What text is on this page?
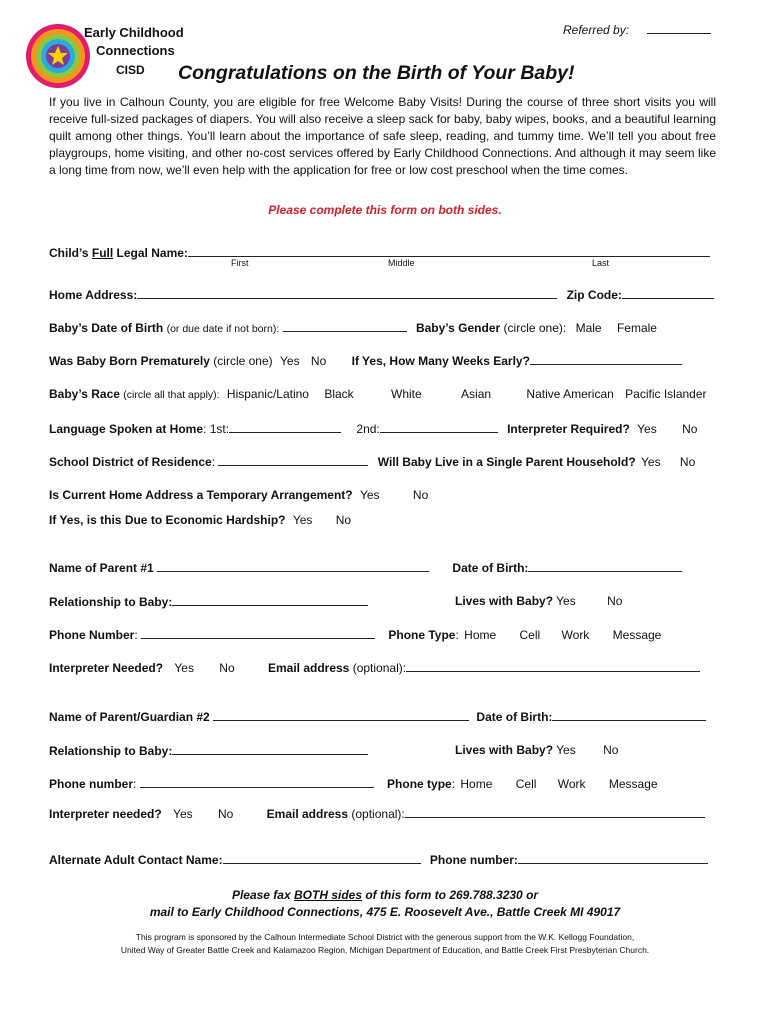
Early Childhood
Connections
CISD
Referred by:
Congratulations on the Birth of Your Baby!
If you live in Calhoun County, you are eligible for free Welcome Baby Visits! During the course of three short visits you will receive full-sized packages of diapers. You will also receive a sleep sack for baby, baby wipes, books, and a beautiful learning quilt among other things. You’ll learn about the importance of safe sleep, reading, and tummy time. We’ll tell you about free playgroups, home visiting, and other no-cost services offered by Early Childhood Connections. And although it may seem like a long time from now, we’ll even help with the application for free or low cost preschool when the time comes.
Please complete this form on both sides.
Child’s Full Legal Name:
First	Middle	Last
Home Address:	Zip Code:
Baby’s Date of Birth (or due date if not born):	Baby’s Gender (circle one): Male Female
Was Baby Born Prematurely (circle one) Yes No If Yes, How Many Weeks Early?
Baby’s Race (circle all that apply): Hispanic/Latino Black	White	Asian	Native American Pacific Islander
Language Spoken at Home: 1st:	2nd:	Interpreter Required? Yes No
School District of Residence:	Will Baby Live in a Single Parent Household? Yes No
Is Current Home Address a Temporary Arrangement? Yes	No
If Yes, is this Due to Economic Hardship? Yes No
Name of Parent #1	Date of Birth:
Relationship to Baby:	Lives with Baby? Yes	No
Phone Number:	Phone Type: Home Cell Work Message
Interpreter Needed? Yes No	Email address (optional):
Name of Parent/Guardian #2	Date of Birth:
Relationship to Baby:	Lives with Baby? Yes No
Phone number:	Phone type: Home Cell Work Message
Interpreter needed? Yes No	Email address (optional):
Alternate Adult Contact Name:	Phone number:
Please fax BOTH sides of this form to 269.788.3230 or
mail to Early Childhood Connections, 475 E. Roosevelt Ave., Battle Creek MI 49017
This program is sponsored by the Calhoun Intermediate School District with the generous support from the W.K. Kellogg Foundation,
United Way of Greater Battle Creek and Kalamazoo Region, Michigan Department of Education, and Battle Creek First Presbyterian Church.
